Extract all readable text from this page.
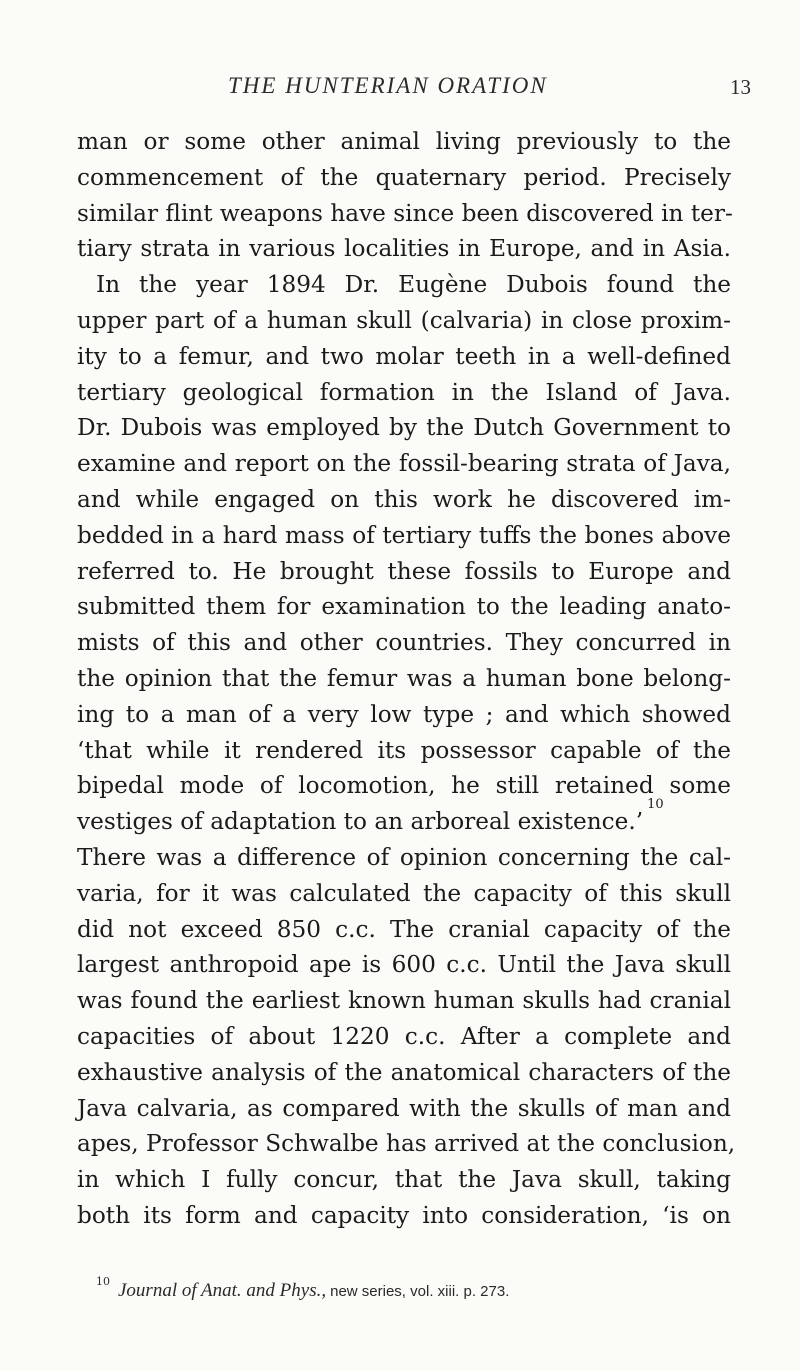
THE HUNTERIAN ORATION	13
man or some other animal living previously to the
commencement of the quaternary period. Precisely
similar flint weapons have since been discovered in ter-
tiary strata in various localities in Europe, and in Asia.
In the year 1894 Dr. Eugène Dubois found the
upper part of a human skull (calvaria) in close proxim-
ity to a femur, and two molar teeth in a well-defined
tertiary geological formation in the Island of Java.
Dr. Dubois was employed by the Dutch Government to
examine and report on the fossil-bearing strata of Java,
and while engaged on this work he discovered im-
bedded in a hard mass of tertiary tuffs the bones above
referred to. He brought these fossils to Europe and
submitted them for examination to the leading anato-
mists of this and other countries. They concurred in
the opinion that the femur was a human bone belong-
ing to a man of a very low type ; and which showed
‘that while it rendered its possessor capable of the
bipedal mode of locomotion, he still retained some
vestiges of adaptation to an arboreal existence.’$^{10}$
There was a difference of opinion concerning the cal-
varia, for it was calculated the capacity of this skull
did not exceed 850 c.c. The cranial capacity of the
largest anthropoid ape is 600 c.c. Until the Java skull
was found the earliest known human skulls had cranial
capacities of about 1220 c.c. After a complete and
exhaustive analysis of the anatomical characters of the
Java calvaria, as compared with the skulls of man and
apes, Professor Schwalbe has arrived at the conclusion,
in which I fully concur, that the Java skull, taking
both its form and capacity into consideration, ‘is on
$^{10}$ Journal of Anat. and Phys., new series, vol. xiii. p. 273.
